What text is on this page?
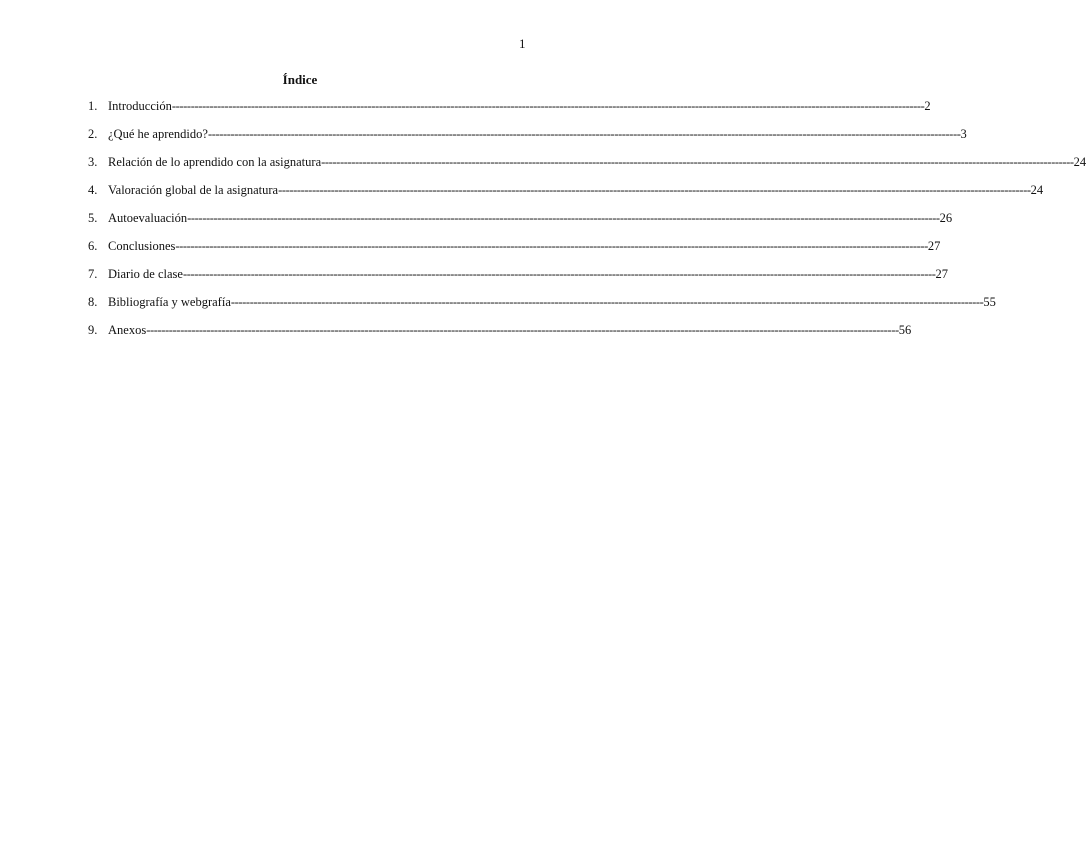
1
Índice
1. Introducción -------------------------------------------------------------------------------------------------------------------------------------------------------------------------------------------------------- 2
2. ¿Qué he aprendido? -------------------------------------------------------------------------------------------------------------------------------------------------------------------------------------------------------- 3
3. Relación de lo aprendido con la asignatura -------------------------------------------------------------------------------------------------------------------------------------------------------------------------------------------------------- 24
4. Valoración global de la asignatura -------------------------------------------------------------------------------------------------------------------------------------------------------------------------------------------------------- 24
5. Autoevaluación -------------------------------------------------------------------------------------------------------------------------------------------------------------------------------------------------------- 26
6. Conclusiones -------------------------------------------------------------------------------------------------------------------------------------------------------------------------------------------------------- 27
7. Diario de clase -------------------------------------------------------------------------------------------------------------------------------------------------------------------------------------------------------- 27
8. Bibliografía y webgrafía -------------------------------------------------------------------------------------------------------------------------------------------------------------------------------------------------------- 55
9. Anexos -------------------------------------------------------------------------------------------------------------------------------------------------------------------------------------------------------- 56
